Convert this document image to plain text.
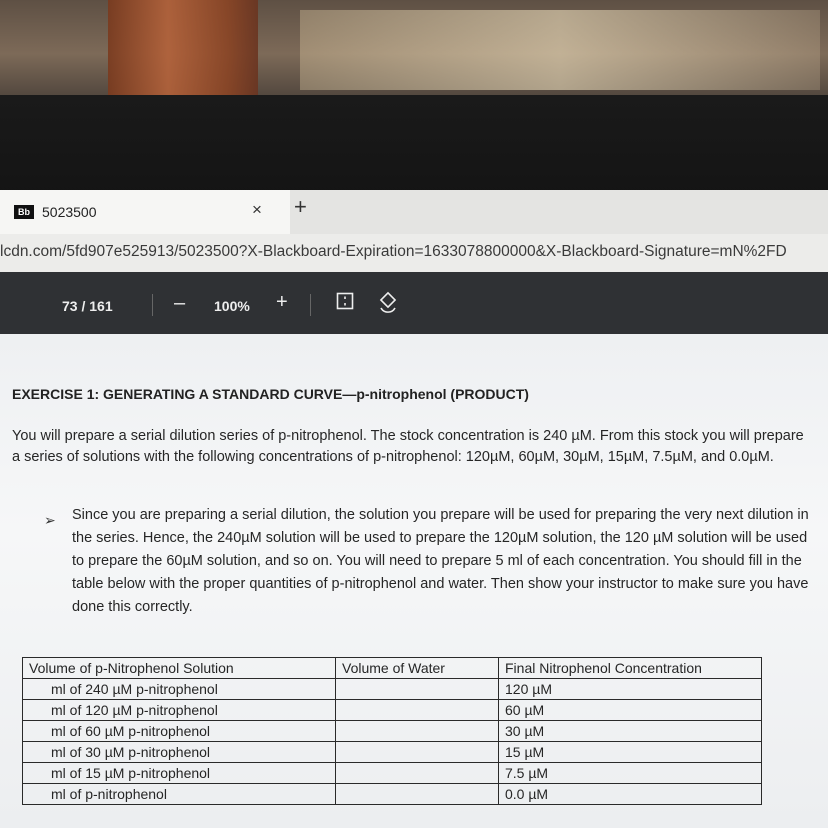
Bb 5023500	× +
lcdn.com/5fd907e525913/5023500?X-Blackboard-Expiration=1633078800000&X-Blackboard-Signature=mN%2FD
73 / 161	– 100% +
EXERCISE 1: GENERATING A STANDARD CURVE—p-nitrophenol (PRODUCT)
You will prepare a serial dilution series of p-nitrophenol. The stock concentration is 240 µM. From this stock you will prepare a series of solutions with the following concentrations of p-nitrophenol: 120µM, 60µM, 30µM, 15µM, 7.5µM, and 0.0µM.
➢ Since you are preparing a serial dilution, the solution you prepare will be used for preparing the very next dilution in the series. Hence, the 240µM solution will be used to prepare the 120µM solution, the 120 µM solution will be used to prepare the 60µM solution, and so on. You will need to prepare 5 ml of each concentration. You should fill in the table below with the proper quantities of p-nitrophenol and water. Then show your instructor to make sure you have done this correctly.
Volume of p-Nitrophenol Solution	Volume of Water	Final Nitrophenol Concentration
ml of 240 µM p-nitrophenol		120 µM
ml of 120 µM p-nitrophenol		60 µM
ml of 60 µM p-nitrophenol		30 µM
ml of 30 µM p-nitrophenol		15 µM
ml of 15 µM p-nitrophenol		7.5 µM
ml of p-nitrophenol		0.0 µM
